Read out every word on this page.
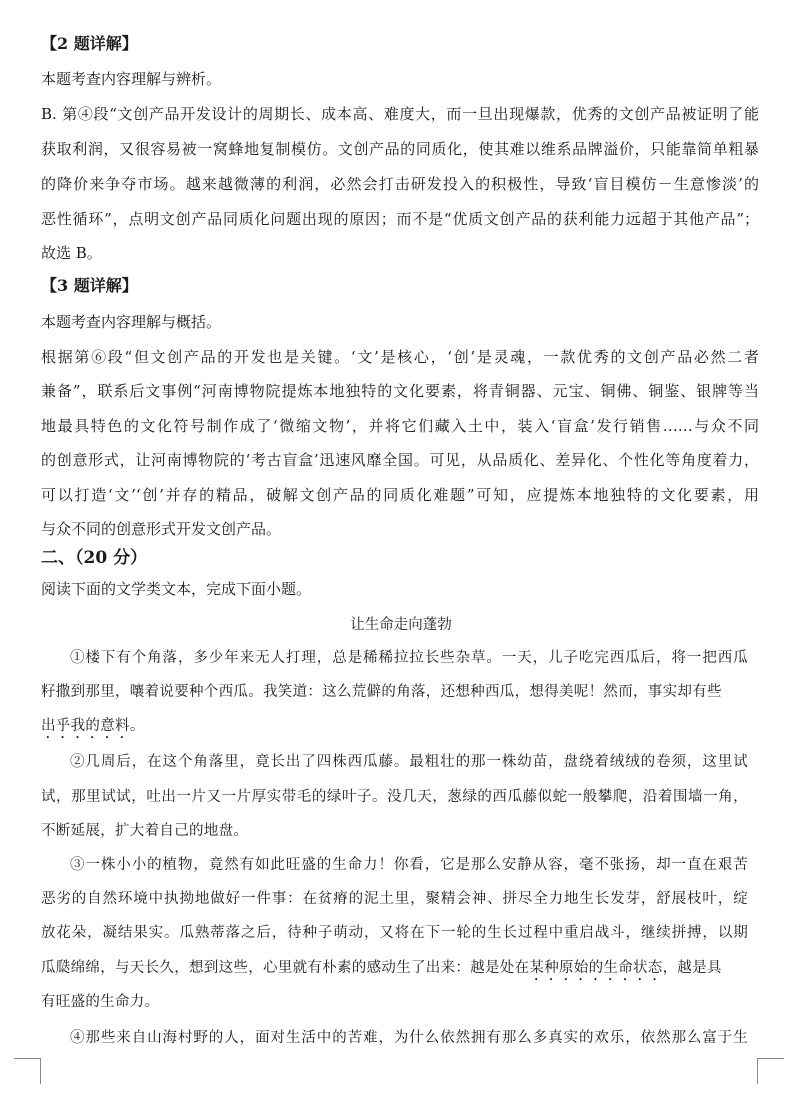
【2 题详解】
本题考查内容理解与辨析。
B. 第④段“文创产品开发设计的周期长、成本高、难度大，而一旦出现爆款，优秀的文创产品被证明了能
获取利润，又很容易被一窝蜂地复制模仿。文创产品的同质化，使其难以维系品牌溢价，只能靠简单粗暴
的降价来争夺市场。越来越微薄的利润，必然会打击研发投入的积极性，导致‘盲目模仿－生意惨淡’的
恶性循环”，点明文创产品同质化问题出现的原因；而不是“优质文创产品的获利能力远超于其他产品”；
故选 B。
【3 题详解】
本题考查内容理解与概括。
根据第⑥段“但文创产品的开发也是关键。‘文’是核心，‘创’是灵魂，一款优秀的文创产品必然二者
兼备”，联系后文事例“河南博物院提炼本地独特的文化要素，将青铜器、元宝、铜佛、铜鉴、银牌等当
地最具特色的文化符号制作成了‘微缩文物’，并将它们藏入土中，装入‘盲盒’发行销售……与众不同
的创意形式，让河南博物院的‘考古盲盒’迅速风靡全国。可见，从品质化、差异化、个性化等角度着力，
可以打造‘文’‘创’并存的精品，破解文创产品的同质化难题”可知，应提炼本地独特的文化要素，用
与众不同的创意形式开发文创产品。
二、（20 分）
阅读下面的文学类文本，完成下面小题。
让生命走向蓬勃
①楼下有个角落，多少年来无人打理，总是稀稀拉拉长些杂草。一天，儿子吃完西瓜后，将一把西瓜
籽撒到那里，嚷着说要种个西瓜。我笑道：这么荒僻的角落，还想种西瓜，想得美呢！然而，事实却有些
出乎我的意料。
②几周后，在这个角落里，竟长出了四株西瓜藤。最粗壮的那一株幼苗，盘绕着绒绒的卷须，这里试
试，那里试试，吐出一片又一片厚实带毛的绿叶子。没几天，葱绿的西瓜藤似蛇一般攀爬，沿着围墙一角，
不断延展，扩大着自己的地盘。
③一株小小的植物，竟然有如此旺盛的生命力！你看，它是那么安静从容，毫不张扬，却一直在艰苦
恶劣的自然环境中执拗地做好一件事：在贫瘠的泥土里，聚精会神、拼尽全力地生长发芽，舒展枝叶，绽
放花朵，凝结果实。瓜熟蒂落之后，待种子萌动，又将在下一轮的生长过程中重启战斗，继续拼搏，以期
瓜瓞绵绵，与天长久，想到这些，心里就有朴素的感动生了出来：越是处在某种原始的生命状态，越是具
有旺盛的生命力。
④那些来自山海村野的人，面对生活中的苦难，为什么依然拥有那么多真实的欢乐，依然那么富于生
